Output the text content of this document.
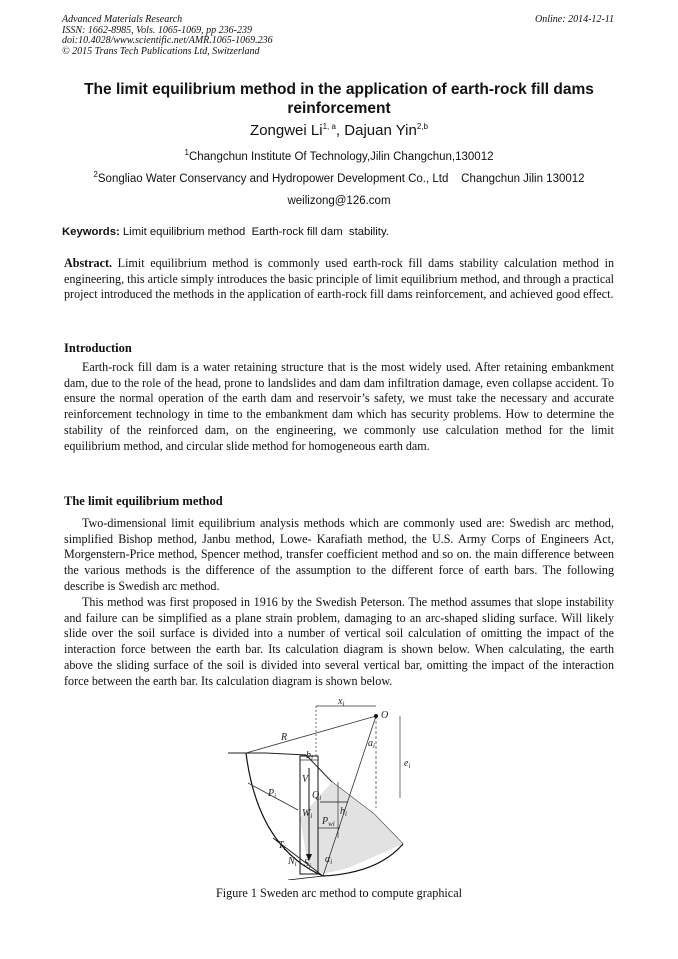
Advanced Materials Research
ISSN: 1662-8985, Vols. 1065-1069, pp 236-239
doi:10.4028/www.scientific.net/AMR.1065-1069.236
© 2015 Trans Tech Publications Ltd, Switzerland
Online: 2014-12-11
The limit equilibrium method in the application of earth-rock fill dams reinforcement
Zongwei Li$^{1, a}$, Dajuan Yin$^{2,b}$
$^1$Changchun Institute Of Technology,Jilin Changchun,130012
$^2$Songliao Water Conservancy and Hydropower Development Co., Ltd    Changchun Jilin 130012
weilizong@126.com
Keywords: Limit equilibrium method  Earth-rock fill dam  stability.
Abstract. Limit equilibrium method is commonly used earth-rock fill dams stability calculation method in engineering, this article simply introduces the basic principle of limit equilibrium method, and through a practical project introduced the methods in the application of earth-rock fill dams reinforcement, and achieved good effect.
Introduction
Earth-rock fill dam is a water retaining structure that is the most widely used. After retaining embankment dam, due to the role of the head, prone to landslides and dam dam infiltration damage, even collapse accident. To ensure the normal operation of the earth dam and reservoir’s safety, we must take the necessary and accurate reinforcement technology in time to the embankment dam which has security problems. How to determine the stability of the reinforced dam, on the engineering, we commonly use calculation method for the limit equilibrium method, and circular slide method for homogeneous earth dam.
The limit equilibrium method
Two-dimensional limit equilibrium analysis methods which are commonly used are: Swedish arc method, simplified Bishop method, Janbu method, Lowe- Karafiath method, the U.S. Army Corps of Engineers Act, Morgenstern-Price method, Spencer method, transfer coefficient method and so on. the main difference between the various methods is the difference of the assumption to the different force of earth bars. The following describe is Swedish arc method.
This method was first proposed in 1916 by the Swedish Peterson. The method assumes that slope instability and failure can be simplified as a plane strain problem, damaging to an arc-shaped sliding surface. Will likely slide over the soil surface is divided into a number of vertical soil calculation of omitting the impact of the interaction force between the earth bar. Its calculation diagram is shown below. When calculating, the earth above the sliding surface of the soil is divided into several vertical bar, omitting the impact of the interaction force between the earth bar. Its calculation diagram is shown below.
$x_i$
O
R
$a_i$
$e_i$
$b_i$
$V_i$
$Q_i$
$W_i$	$h_i$
$P_i$
$P_{wi}$
$T_i$
$N_i$ $S_i$
$\alpha_i$
Figure 1 Sweden arc method to compute graphical
